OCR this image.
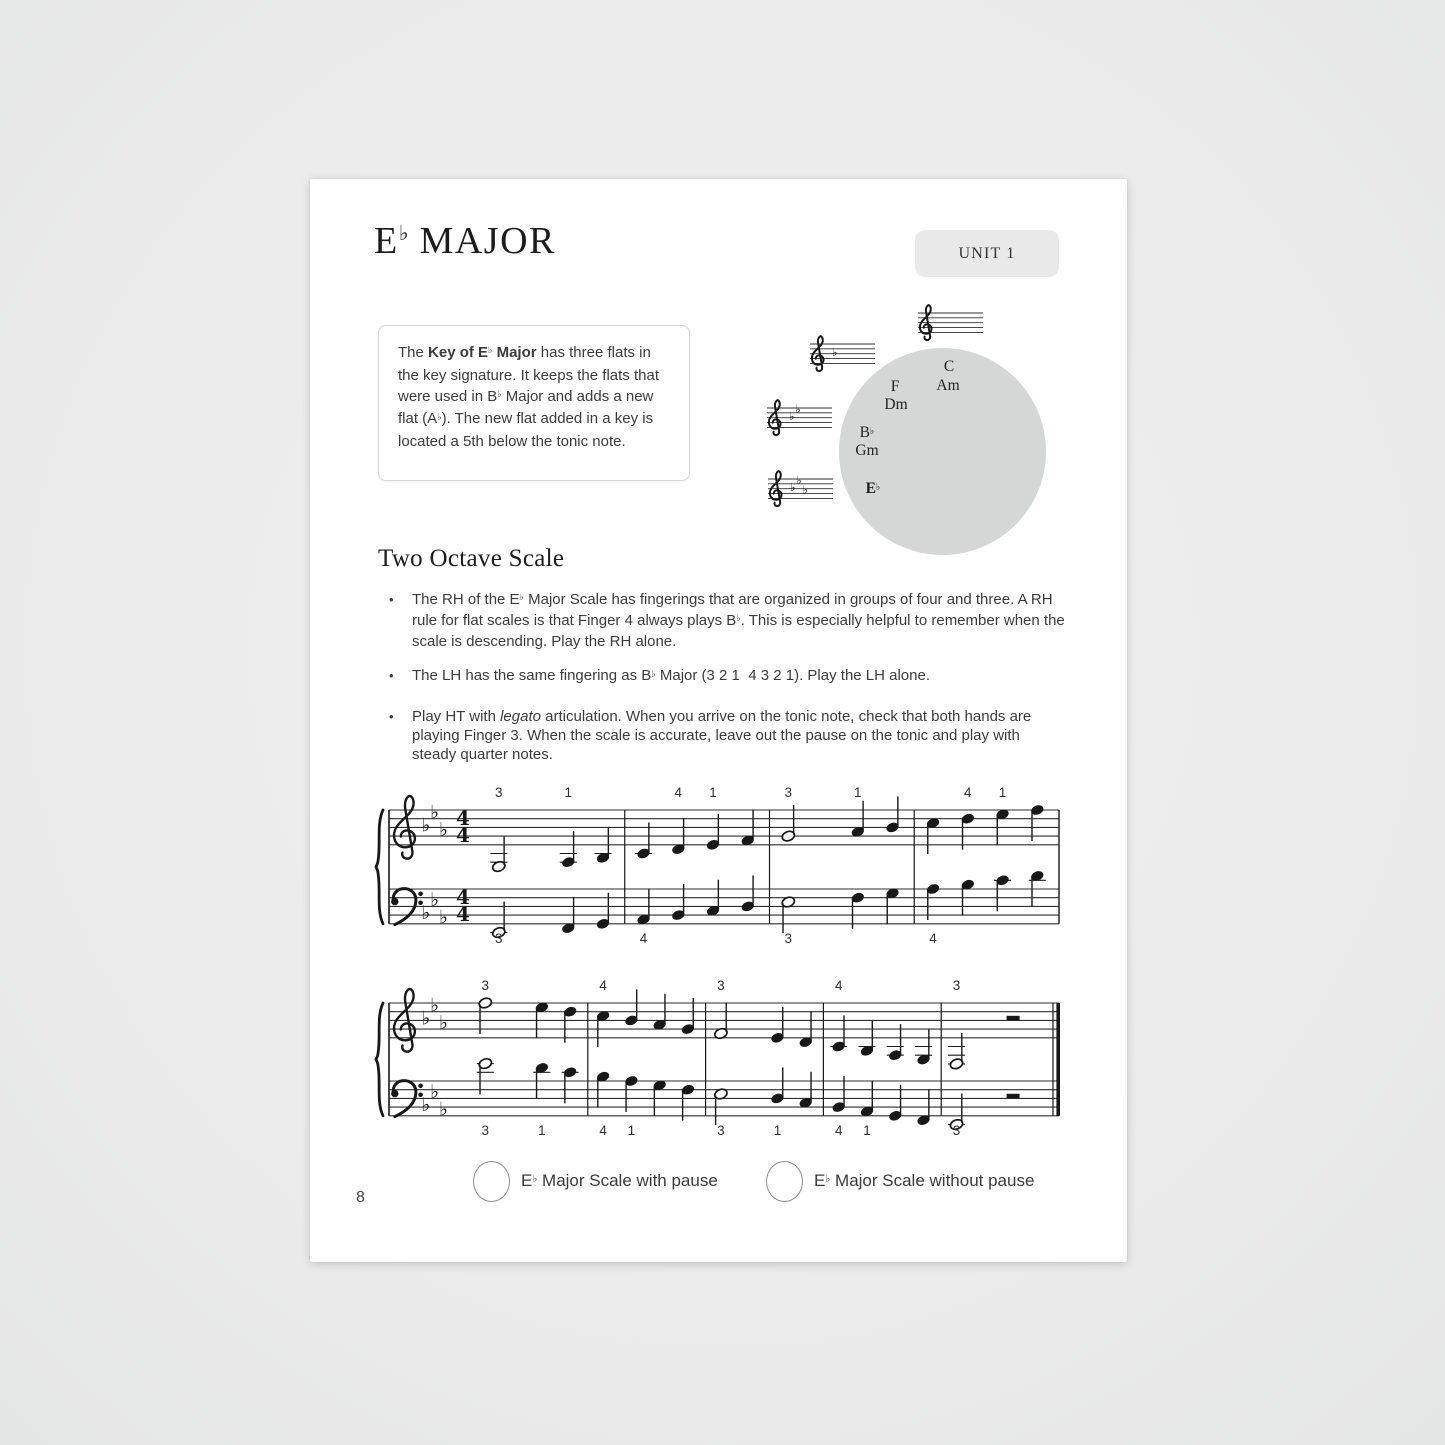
E♭ MAJOR	UNIT 1
The Key of E♭ Major has three flats in the key signature. It keeps the flats that were used in B♭ Major and adds a new flat (A♭). The new flat added in a key is located a 5th below the tonic note.
C
Am
F
Dm
B♭
Gm
E♭
♭
♭
♭
♭
♭
♭
Two Octave Scale
•	The RH of the E♭ Major Scale has fingerings that are organized in groups of four and three. A RH rule for flat scales is that Finger 4 always plays B♭. This is especially helpful to remember when the scale is descending. Play the RH alone.
•	The LH has the same fingering as B♭ Major (3 2 1  4 3 2 1). Play the LH alone.
•	Play HT with legato articulation. When you arrive on the tonic note, check that both hands are playing Finger 3. When the scale is accurate, leave out the pause on the tonic and play with steady quarter notes.
♭
♭
♭
♭
♭
♭
4
4
4
4
3	1
3
4 1
4
3	1
3
4 1
4
♭
♭
♭
♭
♭
♭
3
3	1
4
4 1
3
3	1
4
4 1
3
3
E♭ Major Scale with pause	E♭ Major Scale without pause
8
